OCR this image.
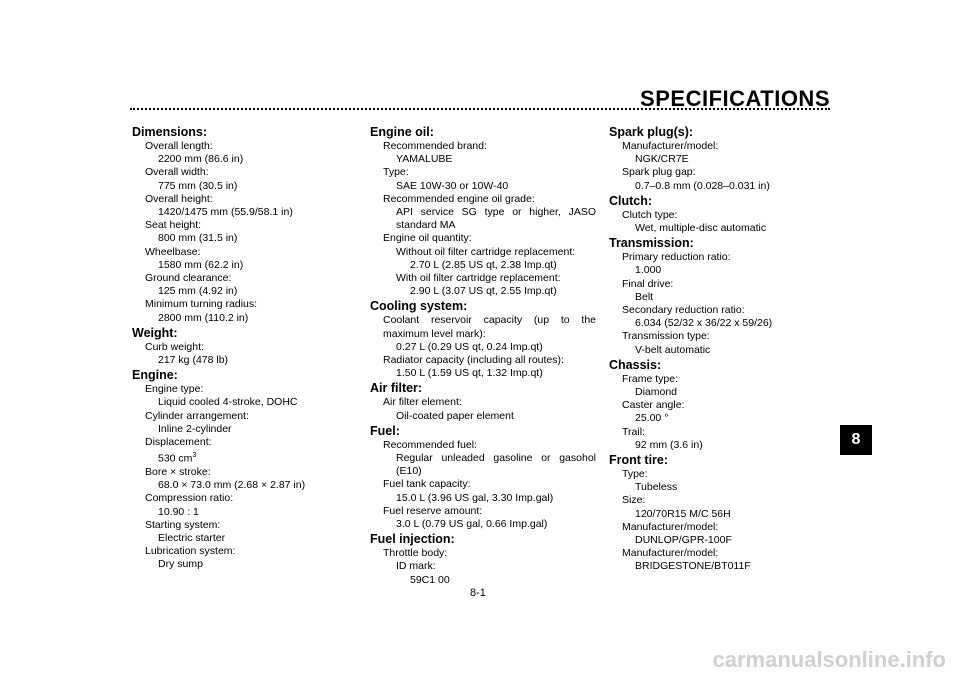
SPECIFICATIONS
Dimensions:
Overall length:
2200 mm (86.6 in)
Overall width:
775 mm (30.5 in)
Overall height:
1420/1475 mm (55.9/58.1 in)
Seat height:
800 mm (31.5 in)
Wheelbase:
1580 mm (62.2 in)
Ground clearance:
125 mm (4.92 in)
Minimum turning radius:
2800 mm (110.2 in)
Weight:
Curb weight:
217 kg (478 lb)
Engine:
Engine type:
Liquid cooled 4-stroke, DOHC
Cylinder arrangement:
Inline 2-cylinder
Displacement:
530 $cm^3$
Bore × stroke:
68.0 × 73.0 mm (2.68 × 2.87 in)
Compression ratio:
10.90 : 1
Starting system:
Electric starter
Lubrication system:
Dry sump
Engine oil:
Recommended brand:
YAMALUBE
Type:
SAE 10W-30 or 10W-40
Recommended engine oil grade:
API service SG type or higher, JASO standard MA
Engine oil quantity:
Without oil filter cartridge replacement:
2.70 L (2.85 US qt, 2.38 Imp.qt)
With oil filter cartridge replacement:
2.90 L (3.07 US qt, 2.55 Imp.qt)
Cooling system:
Coolant reservoir capacity (up to the maximum level mark):
0.27 L (0.29 US qt, 0.24 Imp.qt)
Radiator capacity (including all routes):
1.50 L (1.59 US qt, 1.32 Imp.qt)
Air filter:
Air filter element:
Oil-coated paper element
Fuel:
Recommended fuel:
Regular unleaded gasoline or gasohol (E10)
Fuel tank capacity:
15.0 L (3.96 US gal, 3.30 Imp.gal)
Fuel reserve amount:
3.0 L (0.79 US gal, 0.66 Imp.gal)
Fuel injection:
Throttle body:
ID mark:
59C1 00
Spark plug(s):
Manufacturer/model:
NGK/CR7E
Spark plug gap:
0.7–0.8 mm (0.028–0.031 in)
Clutch:
Clutch type:
Wet, multiple-disc automatic
Transmission:
Primary reduction ratio:
1.000
Final drive:
Belt
Secondary reduction ratio:
6.034 (52/32 x 36/22 x 59/26)
Transmission type:
V-belt automatic
Chassis:
Frame type:
Diamond
Caster angle:
25.00 °
Trail:
92 mm (3.6 in)
Front tire:
Type:
Tubeless
Size:
120/70R15 M/C 56H
Manufacturer/model:
DUNLOP/GPR-100F
Manufacturer/model:
BRIDGESTONE/BT011F
8
8-1
carmanualsonline.info
